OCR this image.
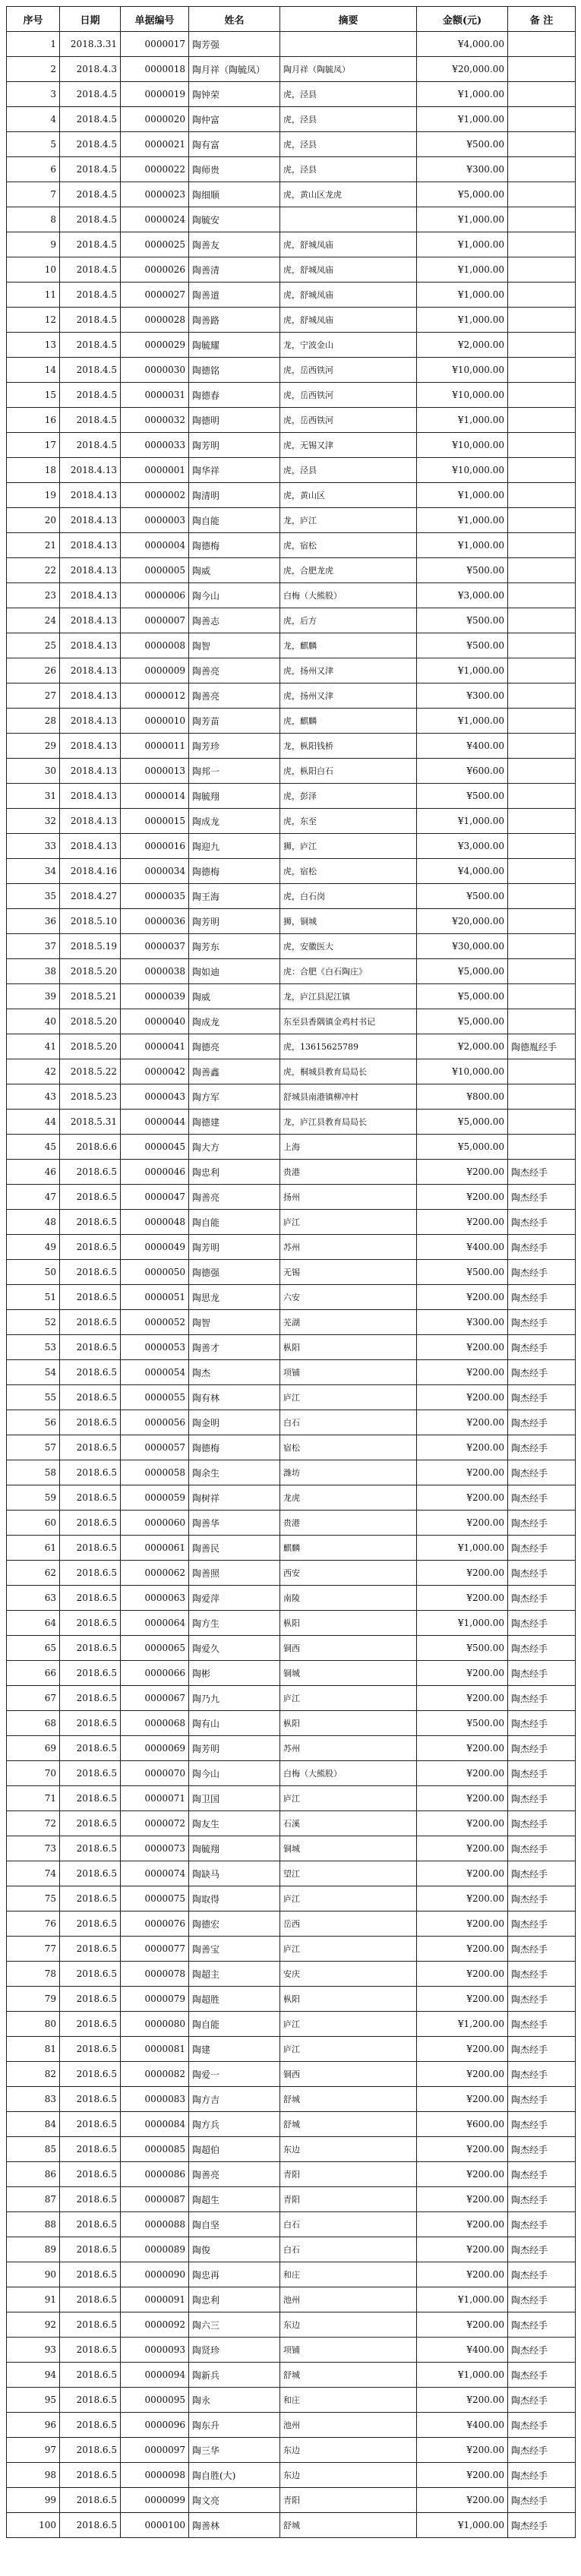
序号	日期	单据编号	姓名	摘要	金额(元)	备 注
1	2018.3.31	0000017	陶芳强		¥4,000.00	
2	2018.4.3	0000018	陶月祥（陶毓凤）	陶月祥（陶毓凤）	¥20,000.00	
3	2018.4.5	0000019	陶钟荣	虎，泾县	¥1,000.00	
4	2018.4.5	0000020	陶仲富	虎，泾县	¥1,000.00	
5	2018.4.5	0000021	陶有富	虎，泾县	¥500.00	
6	2018.4.5	0000022	陶师贵	虎，泾县	¥300.00	
7	2018.4.5	0000023	陶细顺	虎，黄山区龙虎	¥5,000.00	
8	2018.4.5	0000024	陶毓安		¥1,000.00	
9	2018.4.5	0000025	陶善友	虎，舒城凤庙	¥1,000.00	
10	2018.4.5	0000026	陶善清	虎，舒城凤庙	¥1,000.00	
11	2018.4.5	0000027	陶善道	虎，舒城凤庙	¥1,000.00	
12	2018.4.5	0000028	陶善路	虎，舒城凤庙	¥1,000.00	
13	2018.4.5	0000029	陶毓耀	龙，宁波金山	¥2,000.00	
14	2018.4.5	0000030	陶德铭	虎，岳西铁河	¥10,000.00	
15	2018.4.5	0000031	陶德春	虎，岳西铁河	¥10,000.00	
16	2018.4.5	0000032	陶德明	虎，岳西铁河	¥1,000.00	
17	2018.4.5	0000033	陶芳明	虎，无锡又津	¥10,000.00	
18	2018.4.13	0000001	陶华祥	虎，泾县	¥10,000.00	
19	2018.4.13	0000002	陶清明	虎，黄山区	¥1,000.00	
20	2018.4.13	0000003	陶自能	龙，庐江	¥1,000.00	
21	2018.4.13	0000004	陶德梅	虎，宿松	¥1,000.00	
22	2018.4.13	0000005	陶威	虎，合肥龙虎	¥500.00	
23	2018.4.13	0000006	陶今山	白梅（大熊股）	¥3,000.00	
24	2018.4.13	0000007	陶善志	虎，后方	¥500.00	
25	2018.4.13	0000008	陶智	龙，麒麟	¥500.00	
26	2018.4.13	0000009	陶善亮	虎，扬州又津	¥1,000.00	
27	2018.4.13	0000012	陶善亮	虎，扬州又津	¥300.00	
28	2018.4.13	0000010	陶芳苗	虎，麒麟	¥1,000.00	
29	2018.4.13	0000011	陶芳珍	龙，枞阳钱桥	¥400.00	
30	2018.4.13	0000013	陶邦一	虎，枞阳白石	¥600.00	
31	2018.4.13	0000014	陶毓翔	虎，彭泽	¥500.00	
32	2018.4.13	0000015	陶成龙	虎，东至	¥1,000.00	
33	2018.4.13	0000016	陶迎九	狮，庐江	¥3,000.00	
34	2018.4.16	0000034	陶德梅	虎，宿松	¥4,000.00	
35	2018.4.27	0000035	陶王海	虎，白石岗	¥500.00	
36	2018.5.10	0000036	陶芳明	狮，铜城	¥20,000.00	
37	2018.5.19	0000037	陶芳东	虎，安徽医大	¥30,000.00	
38	2018.5.20	0000038	陶如迪	虎：合肥《白石陶庄》	¥5,000.00	
39	2018.5.21	0000039	陶威	龙，庐江县泥江镇	¥5,000.00	
40	2018.5.20	0000040	陶成龙	东至县香隅镇金鸡村书记	¥5,000.00	
41	2018.5.20	0000041	陶德亮	虎，13615625789	¥2,000.00	陶德胤经手
42	2018.5.22	0000042	陶善鑫	虎，桐城县教育局局长	¥10,000.00	
43	2018.5.23	0000043	陶方军	舒城县南港镇柳冲村	¥800.00	
44	2018.5.31	0000044	陶德建	龙，庐江县教育局局长	¥5,000.00	
45	2018.6.6	0000045	陶大方	上海	¥5,000.00	
46	2018.6.5	0000046	陶忠利	贵港	¥200.00	陶杰经手
47	2018.6.5	0000047	陶善亮	扬州	¥200.00	陶杰经手
48	2018.6.5	0000048	陶自能	庐江	¥200.00	陶杰经手
49	2018.6.5	0000049	陶芳明	苏州	¥400.00	陶杰经手
50	2018.6.5	0000050	陶德强	无锡	¥500.00	陶杰经手
51	2018.6.5	0000051	陶思龙	六安	¥200.00	陶杰经手
52	2018.6.5	0000052	陶智	芜湖	¥300.00	陶杰经手
53	2018.6.5	0000053	陶善才	枞阳	¥200.00	陶杰经手
54	2018.6.5	0000054	陶杰	项铺	¥200.00	陶杰经手
55	2018.6.5	0000055	陶有林	庐江	¥200.00	陶杰经手
56	2018.6.5	0000056	陶金明	白石	¥200.00	陶杰经手
57	2018.6.5	0000057	陶德梅	宿松	¥200.00	陶杰经手
58	2018.6.5	0000058	陶余生	潍坊	¥200.00	陶杰经手
59	2018.6.5	0000059	陶树祥	龙虎	¥200.00	陶杰经手
60	2018.6.5	0000060	陶善华	贵港	¥200.00	陶杰经手
61	2018.6.5	0000061	陶善民	麒麟	¥1,000.00	陶杰经手
62	2018.6.5	0000062	陶善照	西安	¥200.00	陶杰经手
63	2018.6.5	0000063	陶爱萍	南陵	¥200.00	陶杰经手
64	2018.6.5	0000064	陶方生	枞阳	¥1,000.00	陶杰经手
65	2018.6.5	0000065	陶爱久	铜西	¥500.00	陶杰经手
66	2018.6.5	0000066	陶彬	铜城	¥200.00	陶杰经手
67	2018.6.5	0000067	陶乃九	庐江	¥200.00	陶杰经手
68	2018.6.5	0000068	陶有山	枞阳	¥500.00	陶杰经手
69	2018.6.5	0000069	陶芳明	苏州	¥200.00	陶杰经手
70	2018.6.5	0000070	陶今山	白梅（大熊股）	¥200.00	陶杰经手
71	2018.6.5	0000071	陶卫国	庐江	¥200.00	陶杰经手
72	2018.6.5	0000072	陶友生	石溪	¥200.00	陶杰经手
73	2018.6.5	0000073	陶毓翔	铜城	¥200.00	陶杰经手
74	2018.6.5	0000074	陶缺马	望江	¥200.00	陶杰经手
75	2018.6.5	0000075	陶取得	庐江	¥200.00	陶杰经手
76	2018.6.5	0000076	陶德宏	岳西	¥200.00	陶杰经手
77	2018.6.5	0000077	陶善宝	庐江	¥200.00	陶杰经手
78	2018.6.5	0000078	陶超主	安庆	¥200.00	陶杰经手
79	2018.6.5	0000079	陶超胜	枞阳	¥200.00	陶杰经手
80	2018.6.5	0000080	陶自能	庐江	¥1,200.00	陶杰经手
81	2018.6.5	0000081	陶建	庐江	¥200.00	陶杰经手
82	2018.6.5	0000082	陶爱一	铜西	¥200.00	陶杰经手
83	2018.6.5	0000083	陶方吉	舒城	¥200.00	陶杰经手
84	2018.6.5	0000084	陶方兵	舒城	¥600.00	陶杰经手
85	2018.6.5	0000085	陶超伯	东边	¥200.00	陶杰经手
86	2018.6.5	0000086	陶善亮	青阳	¥200.00	陶杰经手
87	2018.6.5	0000087	陶超生	青阳	¥200.00	陶杰经手
88	2018.6.5	0000088	陶自坚	白石	¥200.00	陶杰经手
89	2018.6.5	0000089	陶俊	白石	¥200.00	陶杰经手
90	2018.6.5	0000090	陶忠再	和庄	¥200.00	陶杰经手
91	2018.6.5	0000091	陶忠利	池州	¥1,000.00	陶杰经手
92	2018.6.5	0000092	陶六三	东边	¥200.00	陶杰经手
93	2018.6.5	0000093	陶贤珍	项铺	¥400.00	陶杰经手
94	2018.6.5	0000094	陶新兵	舒城	¥1,000.00	陶杰经手
95	2018.6.5	0000095	陶永	和庄	¥200.00	陶杰经手
96	2018.6.5	0000096	陶东升	池州	¥400.00	陶杰经手
97	2018.6.5	0000097	陶三华	东边	¥200.00	陶杰经手
98	2018.6.5	0000098	陶自胜(大)	东边	¥200.00	陶杰经手
99	2018.6.5	0000099	陶文亮	青阳	¥200.00	陶杰经手
100	2018.6.5	0000100	陶善林	舒城	¥1,000.00	陶杰经手
